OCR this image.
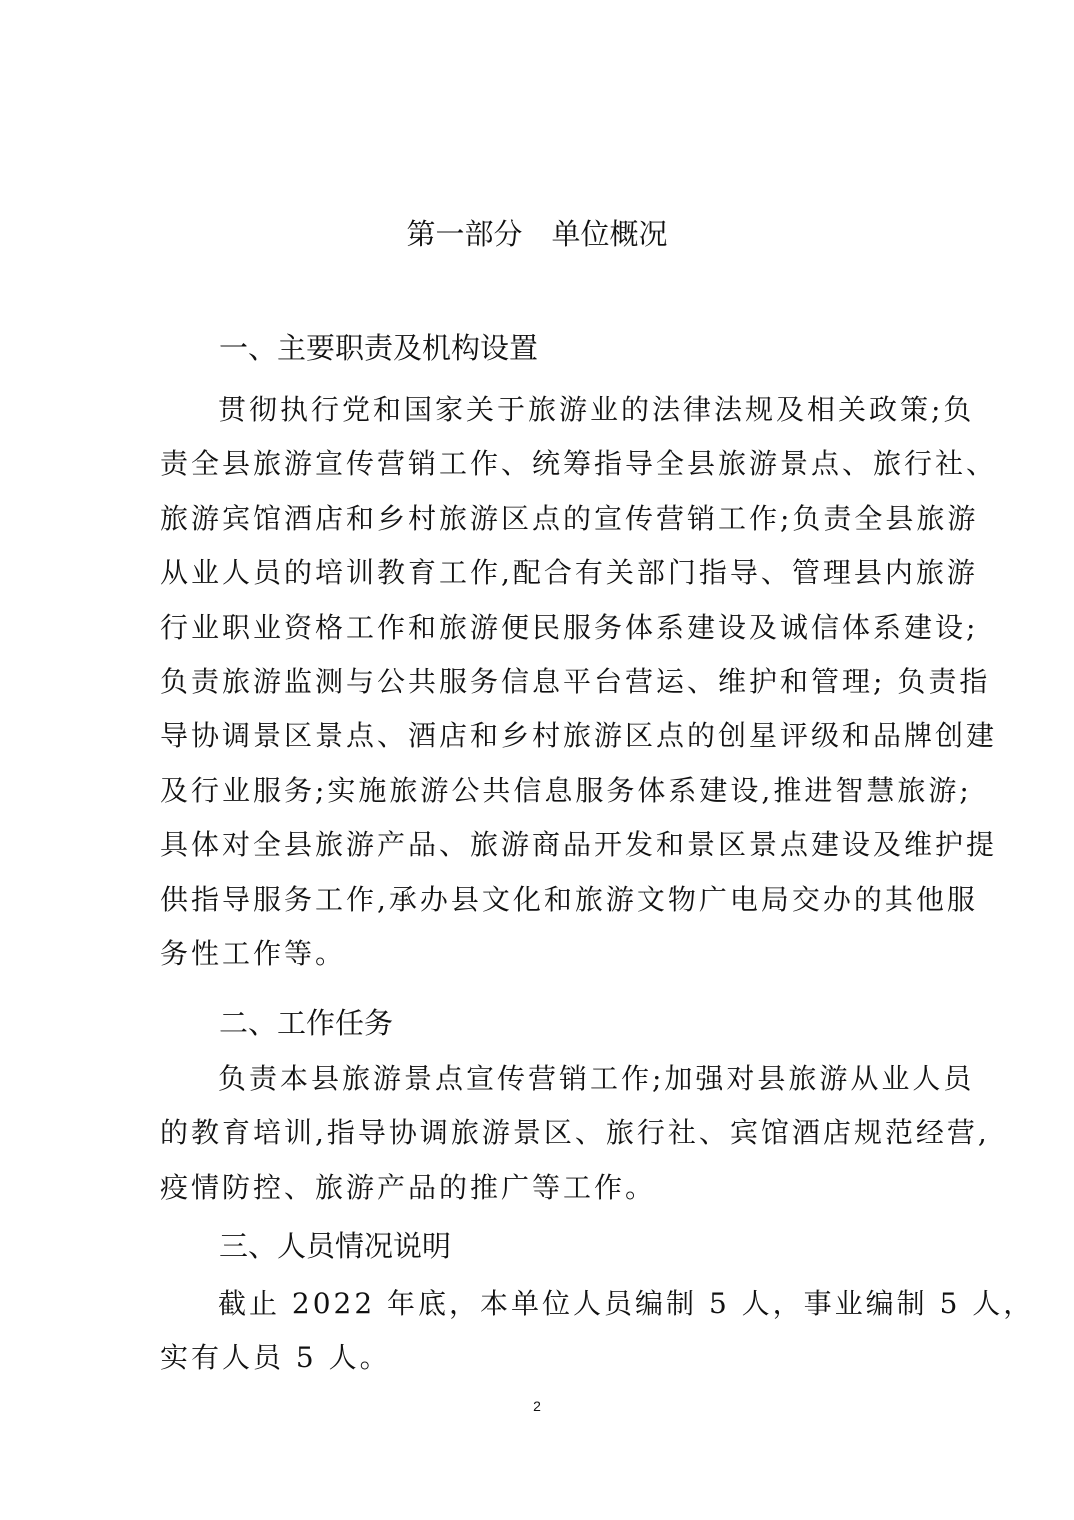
第一部分　单位概况
一、主要职责及机构设置
贯彻执行党和国家关于旅游业的法律法规及相关政策;负
责全县旅游宣传营销工作、统筹指导全县旅游景点、旅行社、
旅游宾馆酒店和乡村旅游区点的宣传营销工作;负责全县旅游
从业人员的培训教育工作,配合有关部门指导、管理县内旅游
行业职业资格工作和旅游便民服务体系建设及诚信体系建设;
负责旅游监测与公共服务信息平台营运、维护和管理; 负责指
导协调景区景点、酒店和乡村旅游区点的创星评级和品牌创建
及行业服务;实施旅游公共信息服务体系建设,推进智慧旅游;
具体对全县旅游产品、旅游商品开发和景区景点建设及维护提
供指导服务工作,承办县文化和旅游文物广电局交办的其他服
务性工作等。
二、工作任务
负责本县旅游景点宣传营销工作;加强对县旅游从业人员
的教育培训,指导协调旅游景区、旅行社、宾馆酒店规范经营,
疫情防控、旅游产品的推广等工作。
三、人员情况说明
截止 2022 年底，本单位人员编制 5 人，事业编制 5 人，
实有人员 5 人。
2
